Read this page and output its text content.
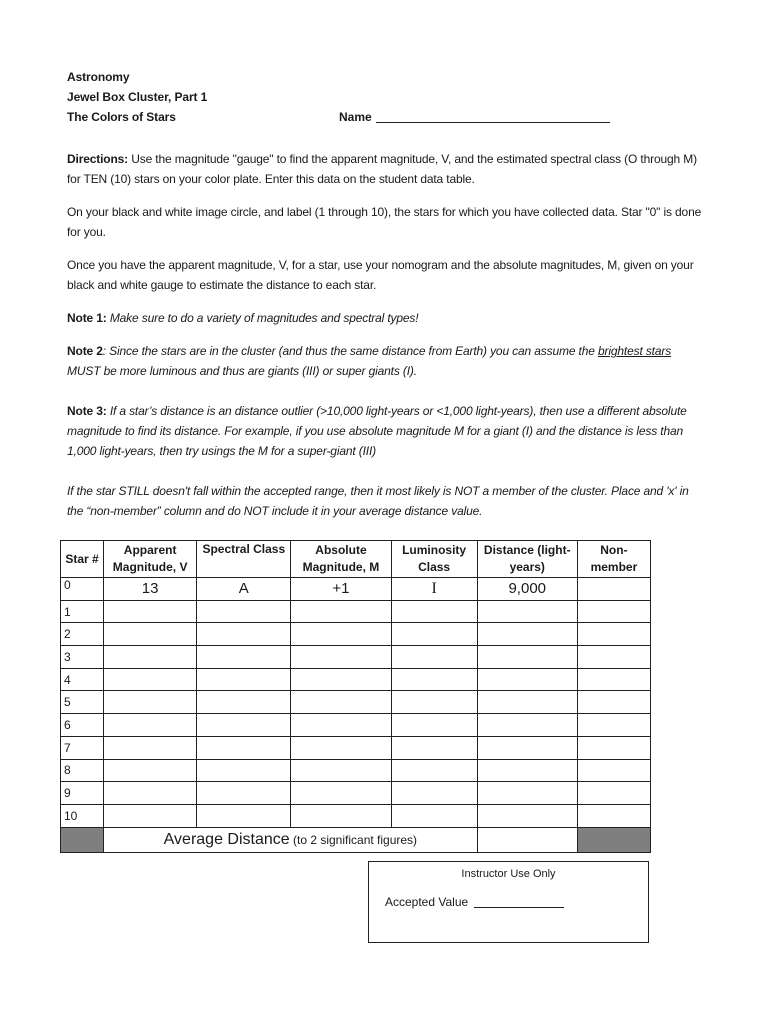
Astronomy
Jewel Box Cluster, Part 1
The Colors of Stars	Name
Directions: Use the magnitude "gauge" to find the apparent magnitude, V, and the estimated spectral class (O through M) for TEN (10) stars on your color plate. Enter this data on the student data table.
On your black and white image circle, and label (1 through 10), the stars for which you have collected data. Star "0" is done for you.
Once you have the apparent magnitude, V, for a star, use your nomogram and the absolute magnitudes, M, given on your black and white gauge to estimate the distance to each star.
Note 1: Make sure to do a variety of magnitudes and spectral types!
Note 2: Since the stars are in the cluster (and thus the same distance from Earth) you can assume the brightest stars MUST be more luminous and thus are giants (III) or super giants (I).
Note 3: If a star’s distance is an distance outlier (>10,000 light-years or <1,000 light-years), then use a different absolute magnitude to find its distance. For example, if you use absolute magnitude M for a giant (I) and the distance is less than 1,000 light-years, then try usings the M for a super-giant (III)
If the star STILL doesn't fall within the accepted range, then it most likely is NOT a member of the cluster. Place and 'x' in the “non-member” column and do NOT include it in your average distance value.
Star #	Apparent Magnitude, V	Spectral Class	Absolute Magnitude, M	Luminosity Class	Distance (light-years)	Non-member
0	13	A	+1	I	9,000	
1						
2						
3						
4						
5						
6						
7						
8						
9						
10						
	Average Distance (to 2 significant figures)					
Instructor Use Only
Accepted Value
